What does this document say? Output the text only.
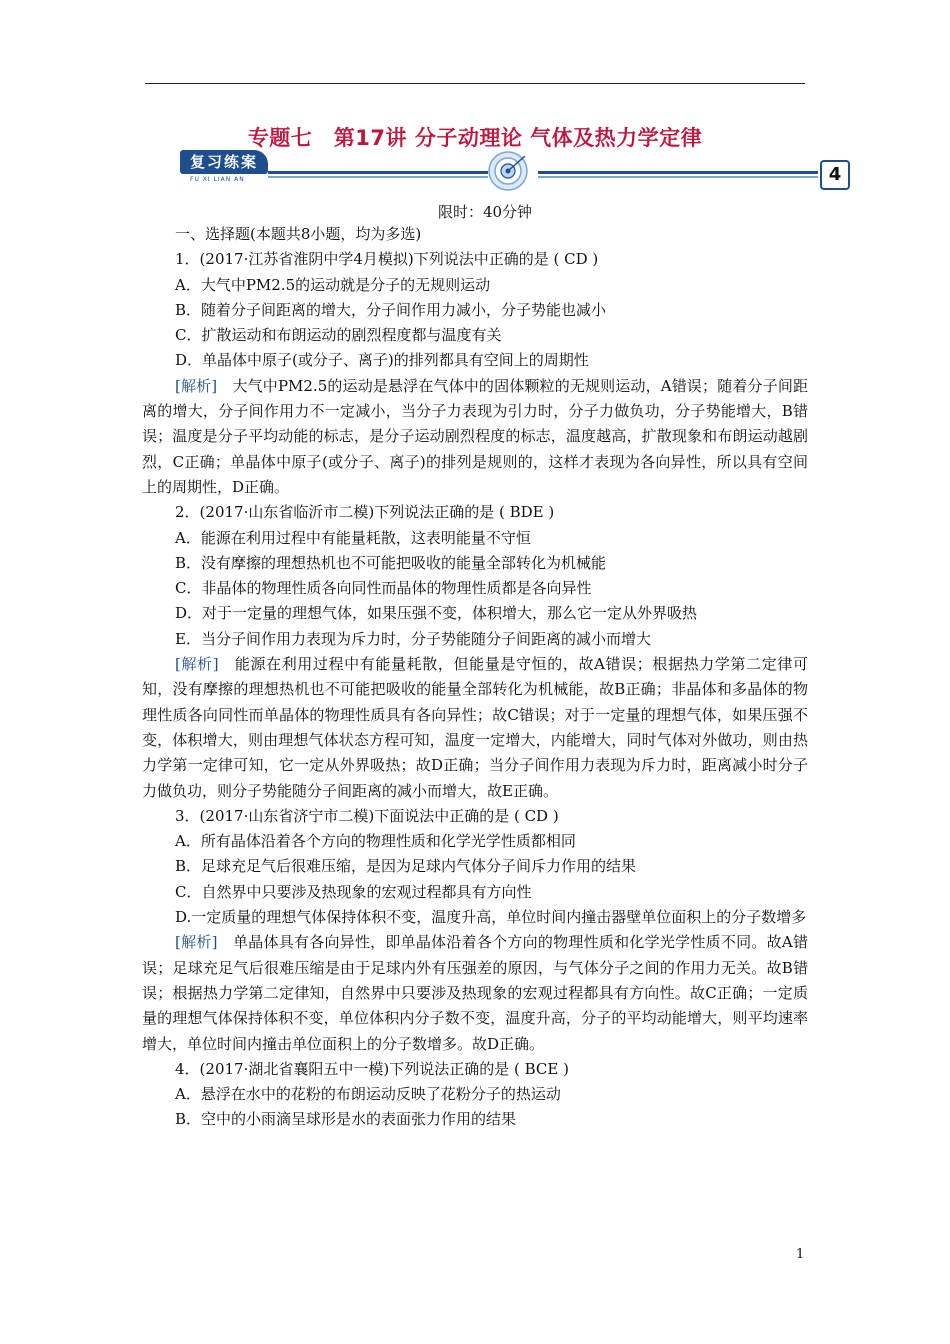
专题七　第17讲 分子动理论 气体及热力学定律
复习练案
FU XI LIAN AN	4
限时：40分钟
一、选择题(本题共8小题，均为多选)
1．(2017·江苏省淮阴中学4月模拟)下列说法中正确的是 ( CD )
A．大气中PM2.5的运动就是分子的无规则运动
B．随着分子间距离的增大，分子间作用力减小，分子势能也减小
C．扩散运动和布朗运动的剧烈程度都与温度有关
D．单晶体中原子(或分子、离子)的排列都具有空间上的周期性
[解析]　 大气中PM2.5的运动是悬浮在气体中的固体颗粒的无规则运动，A错误；随着分子间距离的增大，分子间作用力不一定减小，当分子力表现为引力时，分子力做负功，分子势能增大，B错误；温度是分子平均动能的标志，是分子运动剧烈程度的标志，温度越高，扩散现象和布朗运动越剧烈，C正确；单晶体中原子(或分子、离子)的排列是规则的，这样才表现为各向异性，所以具有空间上的周期性，D正确。
2．(2017·山东省临沂市二模)下列说法正确的是 ( BDE )
A．能源在利用过程中有能量耗散，这表明能量不守恒
B．没有摩擦的理想热机也不可能把吸收的能量全部转化为机械能
C．非晶体的物理性质各向同性而晶体的物理性质都是各向异性
D．对于一定量的理想气体，如果压强不变，体积增大，那么它一定从外界吸热
E．当分子间作用力表现为斥力时，分子势能随分子间距离的减小而增大
[解析]　 能源在利用过程中有能量耗散，但能量是守恒的，故A错误；根据热力学第二定律可知，没有摩擦的理想热机也不可能把吸收的能量全部转化为机械能，故B正确；非晶体和多晶体的物理性质各向同性而单晶体的物理性质具有各向异性；故C错误；对于一定量的理想气体，如果压强不变，体积增大，则由理想气体状态方程可知，温度一定增大，内能增大，同时气体对外做功，则由热力学第一定律可知，它一定从外界吸热；故D正确；当分子间作用力表现为斥力时，距离减小时分子力做负功，则分子势能随分子间距离的减小而增大，故E正确。
3．(2017·山东省济宁市二模)下面说法中正确的是 ( CD )
A．所有晶体沿着各个方向的物理性质和化学光学性质都相同
B．足球充足气后很难压缩，是因为足球内气体分子间斥力作用的结果
C．自然界中只要涉及热现象的宏观过程都具有方向性
D.一定质量的理想气体保持体积不变，温度升高，单位时间内撞击器壁单位面积上的分子数增多
[解析]　 单晶体具有各向异性，即单晶体沿着各个方向的物理性质和化学光学性质不同。故A错误；足球充足气后很难压缩是由于足球内外有压强差的原因，与气体分子之间的作用力无关。故B错误；根据热力学第二定律知，自然界中只要涉及热现象的宏观过程都具有方向性。故C正确；一定质量的理想气体保持体积不变，单位体积内分子数不变，温度升高，分子的平均动能增大，则平均速率增大，单位时间内撞击单位面积上的分子数增多。故D正确。
4．(2017·湖北省襄阳五中一模)下列说法正确的是 ( BCE )
A．悬浮在水中的花粉的布朗运动反映了花粉分子的热运动
B．空中的小雨滴呈球形是水的表面张力作用的结果
1
